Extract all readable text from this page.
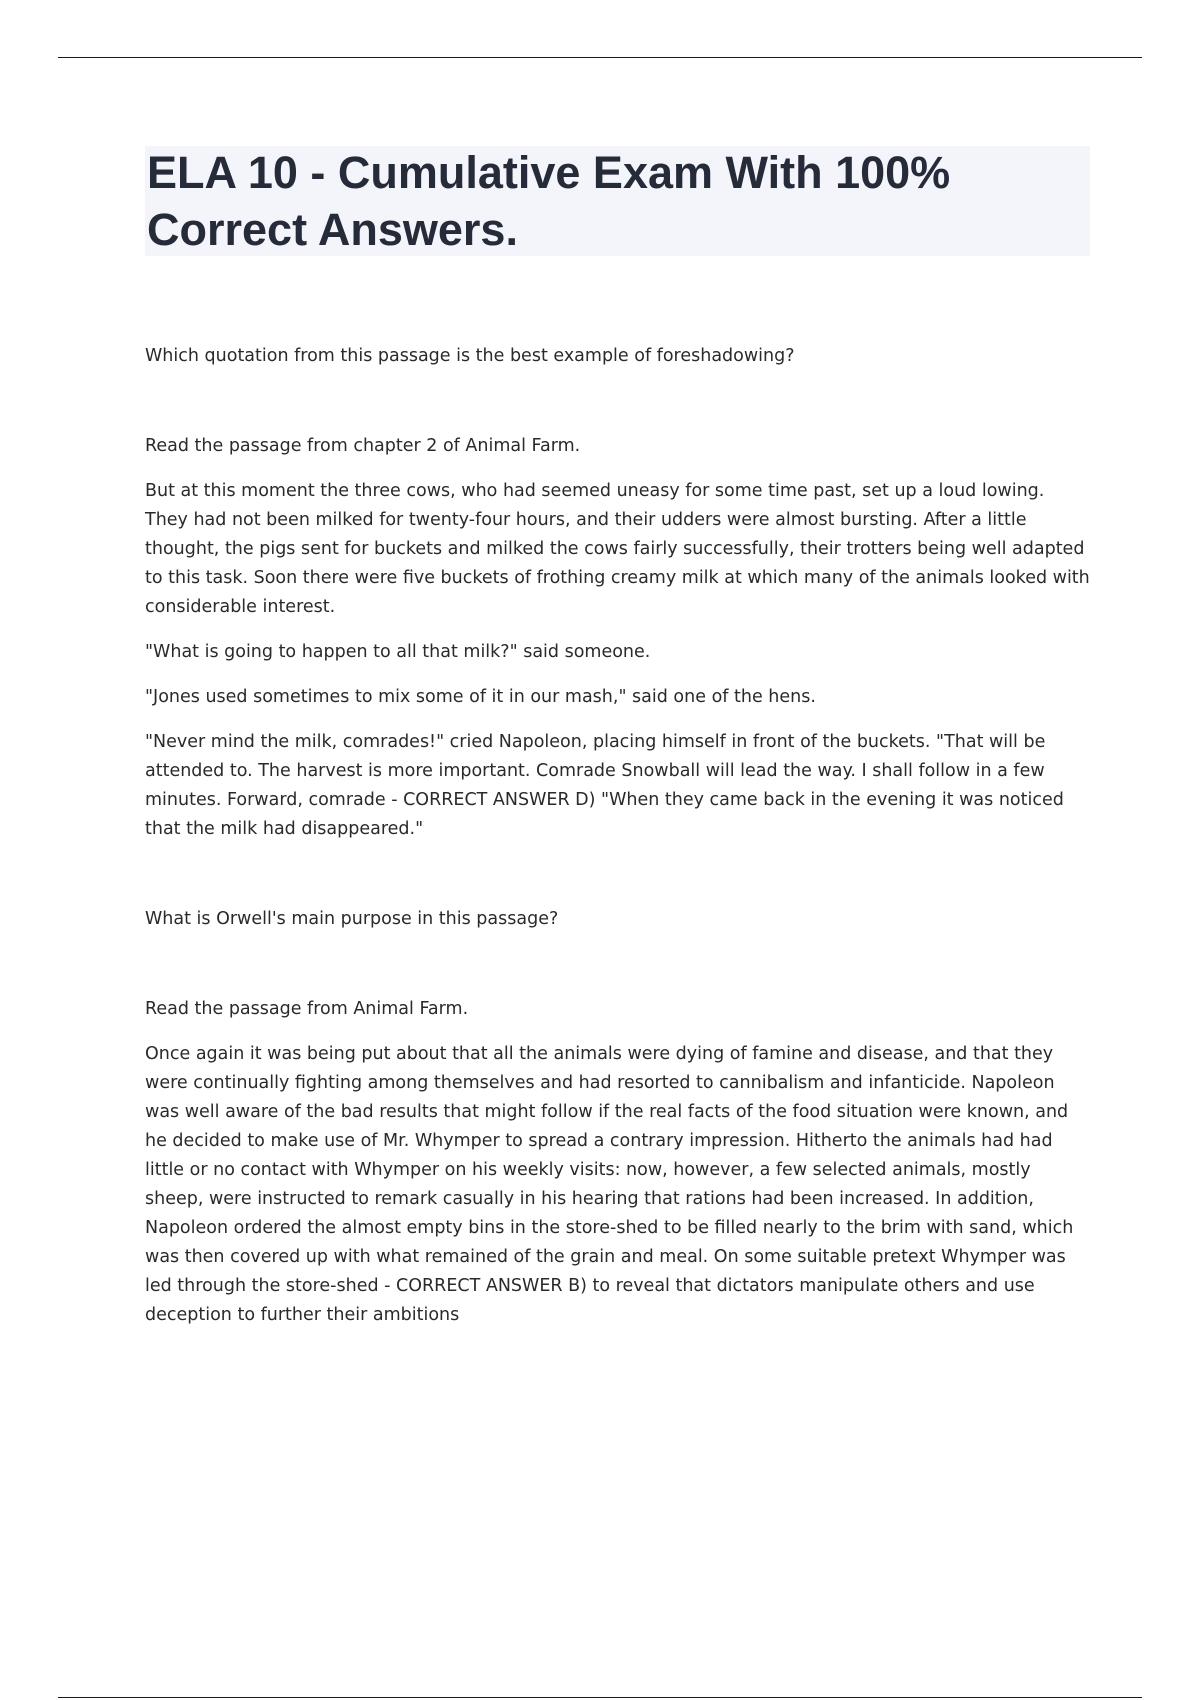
ELA 10 - Cumulative Exam With 100% Correct Answers.

Which quotation from this passage is the best example of foreshadowing?

Read the passage from chapter 2 of Animal Farm.

But at this moment the three cows, who had seemed uneasy for some time past, set up a loud lowing. They had not been milked for twenty-four hours, and their udders were almost bursting. After a little thought, the pigs sent for buckets and milked the cows fairly successfully, their trotters being well adapted to this task. Soon there were five buckets of frothing creamy milk at which many of the animals looked with considerable interest.

"What is going to happen to all that milk?" said someone.

"Jones used sometimes to mix some of it in our mash," said one of the hens.

"Never mind the milk, comrades!" cried Napoleon, placing himself in front of the buckets. "That will be attended to. The harvest is more important. Comrade Snowball will lead the way. I shall follow in a few minutes. Forward, comrade - CORRECT ANSWER D) "When they came back in the evening it was noticed that the milk had disappeared."

What is Orwell's main purpose in this passage?

Read the passage from Animal Farm.

Once again it was being put about that all the animals were dying of famine and disease, and that they were continually fighting among themselves and had resorted to cannibalism and infanticide. Napoleon was well aware of the bad results that might follow if the real facts of the food situation were known, and he decided to make use of Mr. Whymper to spread a contrary impression. Hitherto the animals had had little or no contact with Whymper on his weekly visits: now, however, a few selected animals, mostly sheep, were instructed to remark casually in his hearing that rations had been increased. In addition, Napoleon ordered the almost empty bins in the store-shed to be filled nearly to the brim with sand, which was then covered up with what remained of the grain and meal. On some suitable pretext Whymper was led through the store-shed - CORRECT ANSWER B) to reveal that dictators manipulate others and use deception to further their ambitions
